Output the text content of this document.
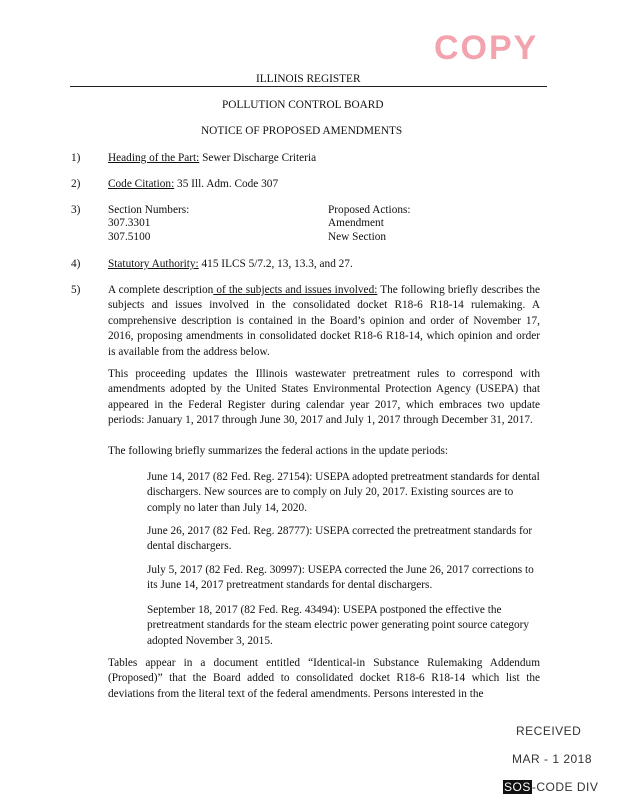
COPY
ILLINOIS REGISTER
POLLUTION CONTROL BOARD
NOTICE OF PROPOSED AMENDMENTS
1) Heading of the Part: Sewer Discharge Criteria
2) Code Citation: 35 Ill. Adm. Code 307
3) Section Numbers:	Proposed Actions:
307.3301	Amendment
307.5100	New Section
4) Statutory Authority: 415 ILCS 5/7.2, 13, 13.3, and 27.
5) A complete description of the subjects and issues involved: The following briefly describes the subjects and issues involved in the consolidated docket R18-6 R18-14 rulemaking. A comprehensive description is contained in the Board’s opinion and order of November 17, 2016, proposing amendments in consolidated docket R18-6 R18-14, which opinion and order is available from the address below.

This proceeding updates the Illinois wastewater pretreatment rules to correspond with amendments adopted by the United States Environmental Protection Agency (USEPA) that appeared in the Federal Register during calendar year 2017, which embraces two update periods: January 1, 2017 through June 30, 2017 and July 1, 2017 through December 31, 2017.

The following briefly summarizes the federal actions in the update periods:

June 14, 2017 (82 Fed. Reg. 27154): USEPA adopted pretreatment standards for dental dischargers. New sources are to comply on July 20, 2017. Existing sources are to comply no later than July 14, 2020.

June 26, 2017 (82 Fed. Reg. 28777): USEPA corrected the pretreatment standards for dental dischargers.

July 5, 2017 (82 Fed. Reg. 30997): USEPA corrected the June 26, 2017 corrections to its June 14, 2017 pretreatment standards for dental dischargers.

September 18, 2017 (82 Fed. Reg. 43494): USEPA postponed the effective the pretreatment standards for the steam electric power generating point source category adopted November 3, 2015.

Tables appear in a document entitled “Identical-in Substance Rulemaking Addendum (Proposed)” that the Board added to consolidated docket R18-6 R18-14 which list the deviations from the literal text of the federal amendments. Persons interested in the

RECEIVED
MAR - 1 2018
SOS-CODE DIV
